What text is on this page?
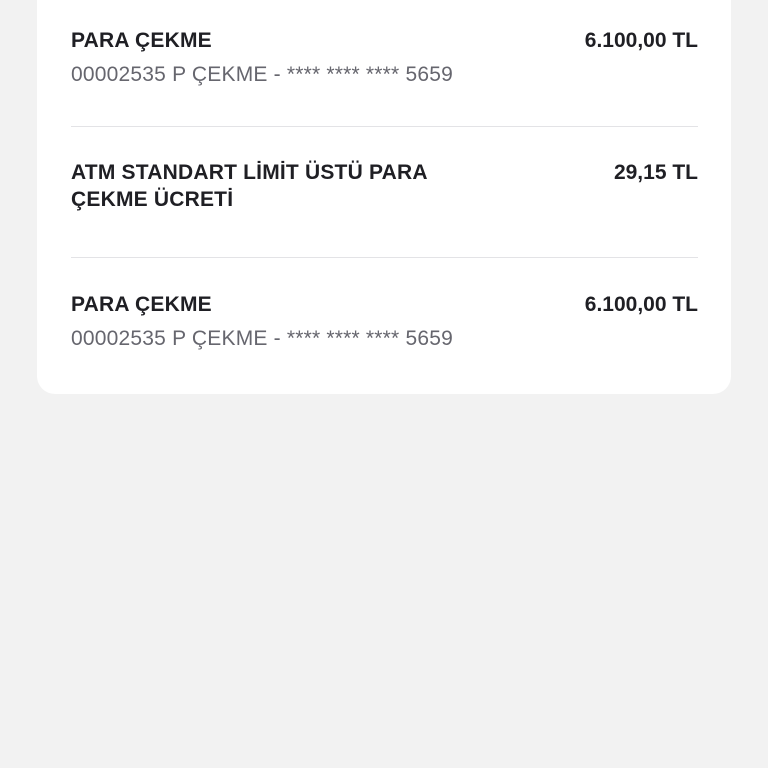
PARA ÇEKME	6.100,00 TL
00002535 P ÇEKME - **** **** **** 5659
ATM STANDART LİMİT ÜSTÜ PARA ÇEKME ÜCRETİ
29,15 TL
PARA ÇEKME	6.100,00 TL
00002535 P ÇEKME - **** **** **** 5659
